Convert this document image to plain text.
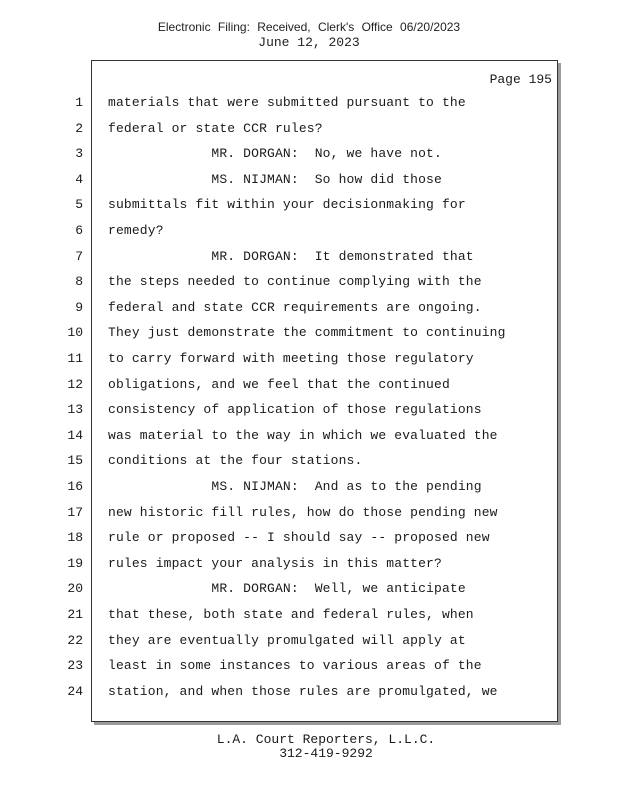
Electronic Filing: Received, Clerk's Office 06/20/2023
June 12, 2023
Page 195
1 materials that were submitted pursuant to the
2 federal or state CCR rules?
3 MR. DORGAN:  No, we have not.
4 MS. NIJMAN:  So how did those
5 submittals fit within your decisionmaking for
6 remedy?
7 MR. DORGAN:  It demonstrated that
8 the steps needed to continue complying with the
9 federal and state CCR requirements are ongoing.
10 They just demonstrate the commitment to continuing
11 to carry forward with meeting those regulatory
12 obligations, and we feel that the continued
13 consistency of application of those regulations
14 was material to the way in which we evaluated the
15 conditions at the four stations.
16 MS. NIJMAN:  And as to the pending
17 new historic fill rules, how do those pending new
18 rule or proposed -- I should say -- proposed new
19 rules impact your analysis in this matter?
20 MR. DORGAN:  Well, we anticipate
21 that these, both state and federal rules, when
22 they are eventually promulgated will apply at
23 least in some instances to various areas of the
24 station, and when those rules are promulgated, we
L.A. Court Reporters, L.L.C.
312-419-9292
